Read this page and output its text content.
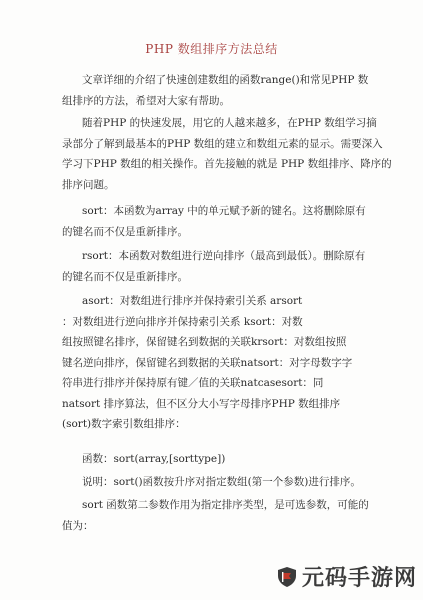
PHP 数组排序方法总结

文章详细的介绍了快速创建数组的函数range()和常见PHP 数
组排序的方法，希望对大家有帮助。

随着PHP 的快速发展，用它的人越来越多，在PHP 数组学习摘
录部分了解到最基本的PHP 数组的建立和数组元素的显示。需要深入
学习下PHP 数组的相关操作。首先接触的就是 PHP 数组排序、降序的
排序问题。

sort：本函数为array 中的单元赋予新的键名。这将删除原有
的键名而不仅是重新排序。

rsort：本函数对数组进行逆向排序（最高到最低）。删除原有
的键名而不仅是重新排序。

asort：对数组进行排序并保持索引关系 arsort
：对数组进行逆向排序并保持索引关系 ksort：对数
组按照键名排序，保留键名到数据的关联krsort：对数组按照
键名逆向排序，保留键名到数据的关联natsort：对字母数字字
符串进行排序并保持原有键／值的关联natcasesort：同
natsort 排序算法，但不区分大小写字母排序PHP 数组排序
(sort)数字索引数组排序：

函数：sort(array,[sorttype])

说明：sort()函数按升序对指定数组(第一个参数)进行排序。

sort 函数第二参数作用为指定排序类型，是可选参数，可能的
值为：

元码手游网
